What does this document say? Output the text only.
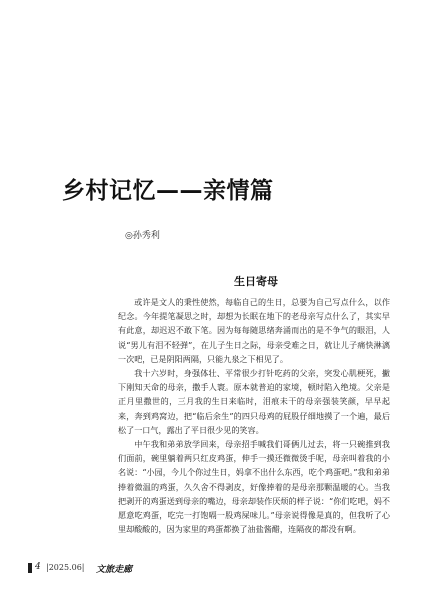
乡村记忆——亲情篇
◎孙秀利
生日寄母

或许是文人的秉性使然，每临自己的生日，总要为自己写点什么，以作纪念。今年提笔凝思之时，却想为长眠在地下的老母亲写点什么了，其实早有此意，却迟迟不敢下笔。因为每每随思绪奔涌而出的是不争气的眼泪，人说“男儿有泪不轻弹”，在儿子生日之际，母亲受难之日，就让儿子痛快淋漓一次吧，已是阴阳两隔，只能九泉之下相见了。

我十六岁时，身强体壮、平常很少打针吃药的父亲，突发心肌梗死，撇下刚知天命的母亲，撒手人寰。原本就普迫的家境，顿时陷入绝境。父亲是正月里撒世的，三月我的生日来临时，泪痕未干的母亲强装笑颜，早早起来，奔到鸡窝边，把“临后余生”的四只母鸡的屁股仔细地摸了一个遍，最后松了一口气，露出了平日很少见的笑容。

中午我和弟弟放学回来，母亲招手喊我们哥俩儿过去，将一只碗推到我们面前，碗里躺着两只红皮鸡蛋，伸手一摸还微微烫手呢，母亲叫着我的小名说：“小园，今儿个你过生日，妈拿不出什么东西，吃个鸡蛋吧。”我和弟弟捧着微温的鸡蛋，久久舍不得剥皮，好像捧着的是母亲那颗温暖的心。当我把剥开的鸡蛋送到母亲的嘴边，母亲却装作厌烦的样子说：“你们吃吧，妈不愿意吃鸡蛋，吃完一打饱嗝一股鸡屎味儿。”母亲说得像是真的，但我听了心里却酸酸的，因为家里的鸡蛋都换了油盐酱醋，连隔夜的都没有啊。

4 |2025.06| 文旅走廊
